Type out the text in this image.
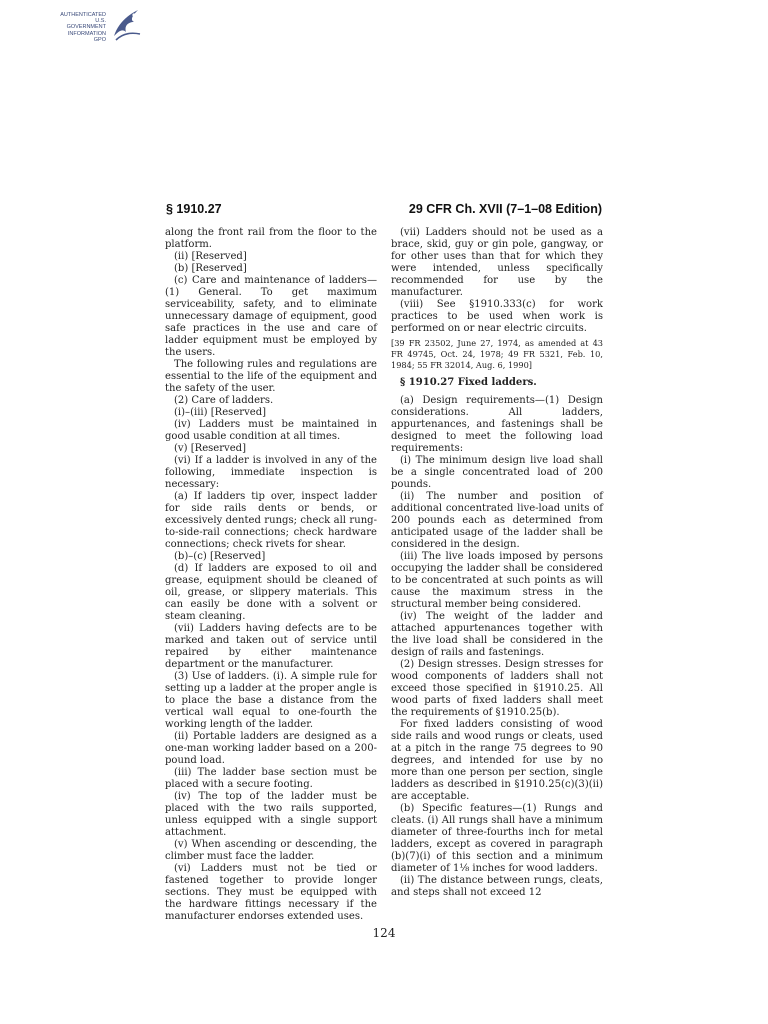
AUTHENTICATED
U.S. GOVERNMENT
INFORMATION
GPO
§ 1910.27	29 CFR Ch. XVII (7–1–08 Edition)

along the front rail from the floor to the platform.

(ii) [Reserved]

(b) [Reserved]

(c) Care and maintenance of ladders—(1) General. To get maximum serviceability, safety, and to eliminate unnecessary damage of equipment, good safe practices in the use and care of ladder equipment must be employed by the users.

The following rules and regulations are essential to the life of the equipment and the safety of the user.

(2) Care of ladders.

(i)–(iii) [Reserved]

(iv) Ladders must be maintained in good usable condition at all times.

(v) [Reserved]

(vi) If a ladder is involved in any of the following, immediate inspection is necessary:

(a) If ladders tip over, inspect ladder for side rails dents or bends, or excessively dented rungs; check all rung-to-side-rail connections; check hardware connections; check rivets for shear.

(b)–(c) [Reserved]

(d) If ladders are exposed to oil and grease, equipment should be cleaned of oil, grease, or slippery materials. This can easily be done with a solvent or steam cleaning.

(vii) Ladders having defects are to be marked and taken out of service until repaired by either maintenance department or the manufacturer.

(3) Use of ladders. (i). A simple rule for setting up a ladder at the proper angle is to place the base a distance from the vertical wall equal to one-fourth the working length of the ladder.

(ii) Portable ladders are designed as a one-man working ladder based on a 200-pound load.

(iii) The ladder base section must be placed with a secure footing.

(iv) The top of the ladder must be placed with the two rails supported, unless equipped with a single support attachment.

(v) When ascending or descending, the climber must face the ladder.

(vi) Ladders must not be tied or fastened together to provide longer sections. They must be equipped with the hardware fittings necessary if the manufacturer endorses extended uses.

(vii) Ladders should not be used as a brace, skid, guy or gin pole, gangway, or for other uses than that for which they were intended, unless specifically recommended for use by the manufacturer.

(viii) See §1910.333(c) for work practices to be used when work is performed on or near electric circuits.

[39 FR 23502, June 27, 1974, as amended at 43 FR 49745, Oct. 24, 1978; 49 FR 5321, Feb. 10, 1984; 55 FR 32014, Aug. 6, 1990]

§ 1910.27 Fixed ladders.

(a) Design requirements—(1) Design considerations. All ladders, appurtenances, and fastenings shall be designed to meet the following load requirements:

(i) The minimum design live load shall be a single concentrated load of 200 pounds.

(ii) The number and position of additional concentrated live-load units of 200 pounds each as determined from anticipated usage of the ladder shall be considered in the design.

(iii) The live loads imposed by persons occupying the ladder shall be considered to be concentrated at such points as will cause the maximum stress in the structural member being considered.

(iv) The weight of the ladder and attached appurtenances together with the live load shall be considered in the design of rails and fastenings.

(2) Design stresses. Design stresses for wood components of ladders shall not exceed those specified in §1910.25. All wood parts of fixed ladders shall meet the requirements of §1910.25(b).

For fixed ladders consisting of wood side rails and wood rungs or cleats, used at a pitch in the range 75 degrees to 90 degrees, and intended for use by no more than one person per section, single ladders as described in §1910.25(c)(3)(ii) are acceptable.

(b) Specific features—(1) Rungs and cleats. (i) All rungs shall have a minimum diameter of three-fourths inch for metal ladders, except as covered in paragraph (b)(7)(i) of this section and a minimum diameter of 1⅛ inches for wood ladders.

(ii) The distance between rungs, cleats, and steps shall not exceed 12

124
